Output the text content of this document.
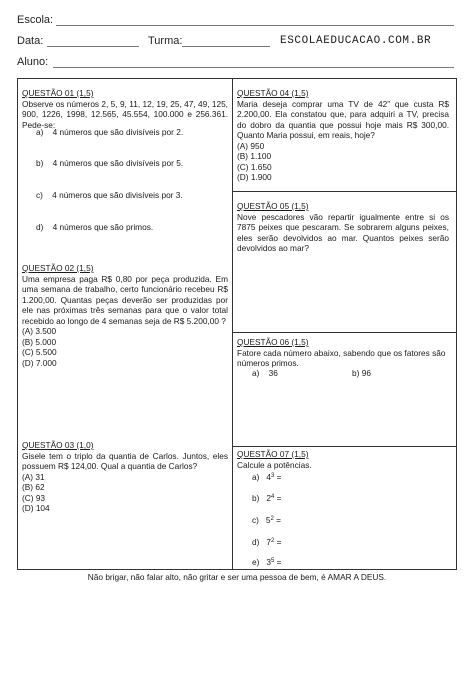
Escola:
Data:	Turma:	ESCOLAEDUCACAO.COM.BR
Aluno:
QUESTÃO 01 (1,5)
Observe os números 2, 5, 9, 11, 12, 19, 25, 47, 49, 125, 900, 1226, 1998, 12.565, 45.554, 100.000 e 256.361. Pede-se:
a) 4 números que são divisíveis por 2.
b) 4 números que são divisíveis por 5.
c) 4 números que são divisíveis por 3.
d) 4 números que são primos.
QUESTÃO 02 (1,5)
Uma empresa paga R$ 0,80 por peça produzida. Em uma semana de trabalho, certo funcionário recebeu R$ 1.200,00. Quantas peças deverão ser produzidas por ele nas próximas três semanas para que o valor total recebido ao longo de 4 semanas seja de R$ 5.200,00 ?
(A) 3.500
(B) 5.000
(C) 5.500
(D) 7.000
QUESTÃO 03 (1,0)
Gisele tem o triplo da quantia de Carlos. Juntos, eles possuem R$ 124,00. Qual a quantia de Carlos?
(A) 31
(B) 62
(C) 93
(D) 104
QUESTÃO 04 (1,5)
Maria deseja comprar uma TV de 42” que custa R$ 2.200,00. Ela constatou que, para adquiri a TV, precisa do dobro da quantia que possui hoje mais R$ 300,00. Quanto Maria possui, em reais, hoje?
(A) 950
(B) 1.100
(C) 1.650
(D) 1.900
QUESTÃO 05 (1,5)
Nove pescadores vão repartir igualmente entre si os 7875 peixes que pescaram. Se sobrarem alguns peixes, eles serão devolvidos ao mar. Quantos peixes serão devolvidos ao mar?
QUESTÃO 06 (1,5)
Fatore cada número abaixo, sabendo que os fatores são números primos.
a) 36	b) 96
QUESTÃO 07 (1,5)
Calcule a potências.
a) $4^3$ =
b) $2^4$ =
c) $5^2$ =
d) $7^2$ =
e) $3^5$ =
Não brigar, não falar alto, não gritar e ser uma pessoa de bem, é AMAR A DEUS.
